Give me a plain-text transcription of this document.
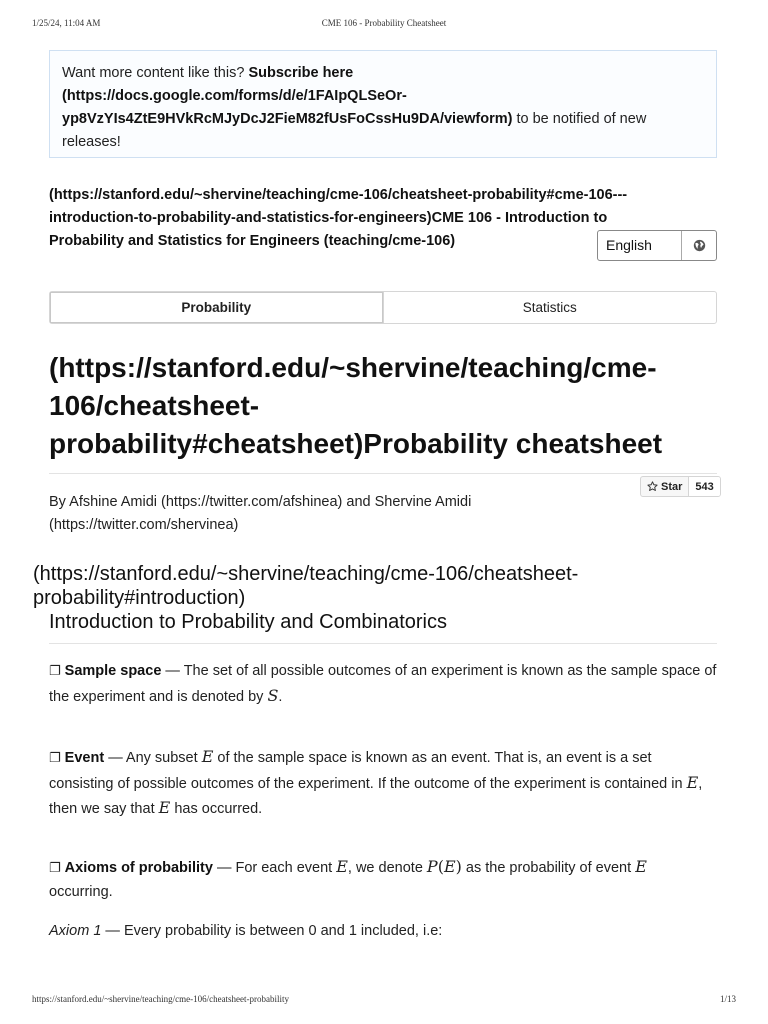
1/25/24, 11:04 AM	CME 106 - Probability Cheatsheet
Want more content like this? Subscribe here
(https://docs.google.com/forms/d/e/1FAIpQLSeOr-
yp8VzYIs4ZtE9HVkRcMJyDcJ2FieM82fUsFoCssHu9DA/viewform) to be notified of new
releases!
(https://stanford.edu/~shervine/teaching/cme-106/cheatsheet-probability#cme-106---
introduction-to-probability-and-statistics-for-engineers)CME 106 - Introduction to
Probability and Statistics for Engineers (teaching/cme-106)	English
Probability	Statistics
(https://stanford.edu/~shervine/teaching/cme-
106/cheatsheet-
probability#cheatsheet)Probability cheatsheet
Star	543
By Afshine Amidi (https://twitter.com/afshinea) and Shervine Amidi
(https://twitter.com/shervinea)
(https://stanford.edu/~shervine/teaching/cme-106/cheatsheet-
probability#introduction)
Introduction to Probability and Combinatorics

❐ Sample space — The set of all possible outcomes of an experiment is known as the sample space of the experiment and is denoted by S.

❐ Event — Any subset E of the sample space is known as an event. That is, an event is a set consisting of possible outcomes of the experiment. If the outcome of the experiment is contained in E, then we say that E has occurred.

❐ Axioms of probability — For each event E, we denote P(E) as the probability of event E
occurring.

Axiom 1 — Every probability is between 0 and 1 included, i.e:

https://stanford.edu/~shervine/teaching/cme-106/cheatsheet-probability	1/13
